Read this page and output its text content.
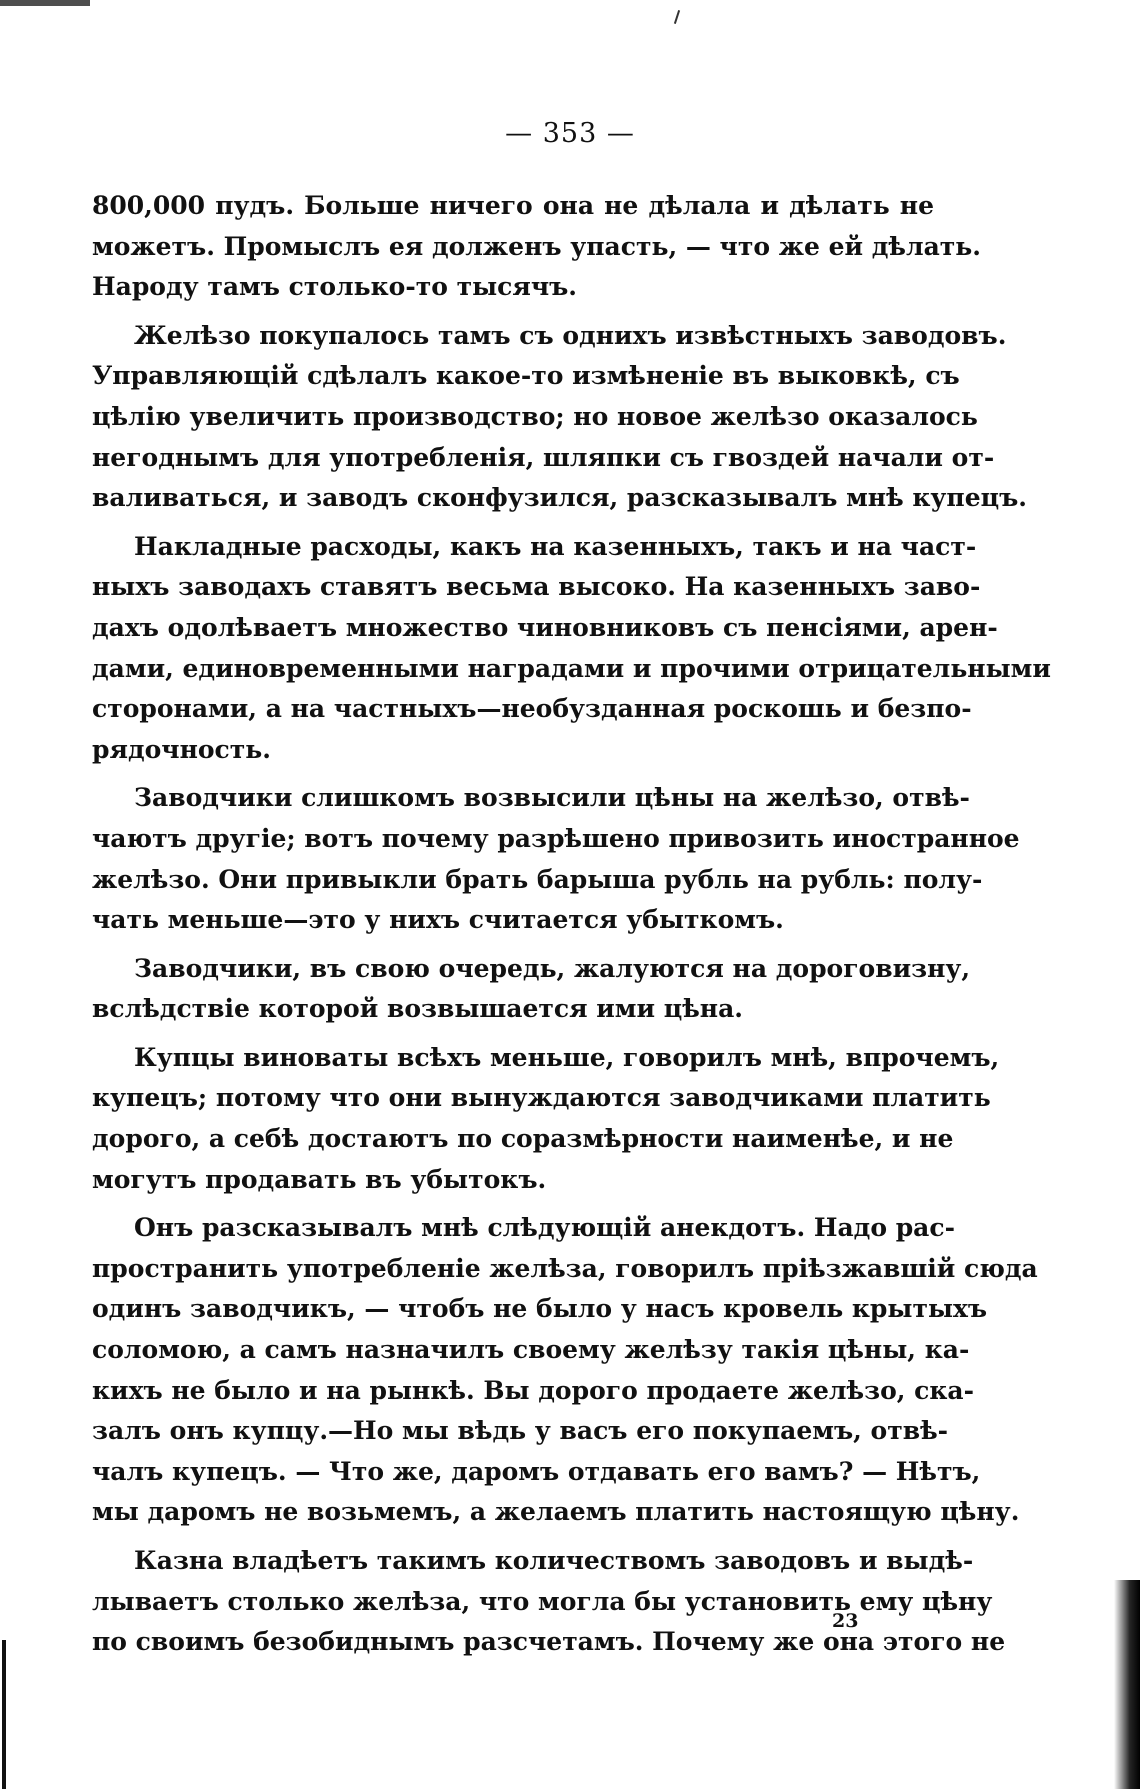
— 353 —

800,000 пудъ. Больше ничего она не дѣлала и дѣлать не
можетъ. Промыслъ ея долженъ упасть, — что же ей дѣлать.
Народу тамъ столько-то тысячъ.

Желѣзо покупалось тамъ съ однихъ извѣстныхъ заводовъ.
Управляющій сдѣлалъ какое-то измѣненіе въ выковкѣ, съ
цѣлію увеличить производство; но новое желѣзо оказалось
негоднымъ для употребленія, шляпки съ гвоздей начали от-
валиваться, и заводъ сконфузился, разсказывалъ мнѣ купецъ.

Накладные расходы, какъ на казенныхъ, такъ и на част-
ныхъ заводахъ ставятъ весьма высоко. На казенныхъ заво-
дахъ одолѣваетъ множество чиновниковъ съ пенсіями, арен-
дами, единовременными наградами и прочими отрицательными
сторонами, а на частныхъ—необузданная роскошь и безпо-
рядочность.

Заводчики слишкомъ возвысили цѣны на желѣзо, отвѣ-
чаютъ другіе; вотъ почему разрѣшено привозить иностранное
желѣзо. Они привыкли брать барыша рубль на рубль: полу-
чать меньше—это у нихъ считается убыткомъ.

Заводчики, въ свою очередь, жалуются на дороговизну,
вслѣдствіе которой возвышается ими цѣна.

Купцы виноваты всѣхъ меньше, говорилъ мнѣ, впрочемъ,
купецъ; потому что они вынуждаются заводчиками платить
дорого, а себѣ достаютъ по соразмѣрности наименѣе, и не
могутъ продавать въ убытокъ.

Онъ разсказывалъ мнѣ слѣдующій анекдотъ. Надо рас-
пространить употребленіе желѣза, говорилъ пріѣзжавшій сюда
одинъ заводчикъ, — чтобъ не было у насъ кровель крытыхъ
соломою, а самъ назначилъ своему желѣзу такія цѣны, ка-
кихъ не было и на рынкѣ. Вы дорого продаете желѣзо, ска-
залъ онъ купцу.—Но мы вѣдь у васъ его покупаемъ, отвѣ-
чалъ купецъ. — Что же, даромъ отдавать его вамъ? — Нѣтъ,
мы даромъ не возьмемъ, а желаемъ платить настоящую цѣну.

Казна владѣетъ такимъ количествомъ заводовъ и выдѣ-
лываетъ столько желѣза, что могла бы установить ему цѣну
по своимъ безобиднымъ разсчетамъ. Почему же она этого не

23
